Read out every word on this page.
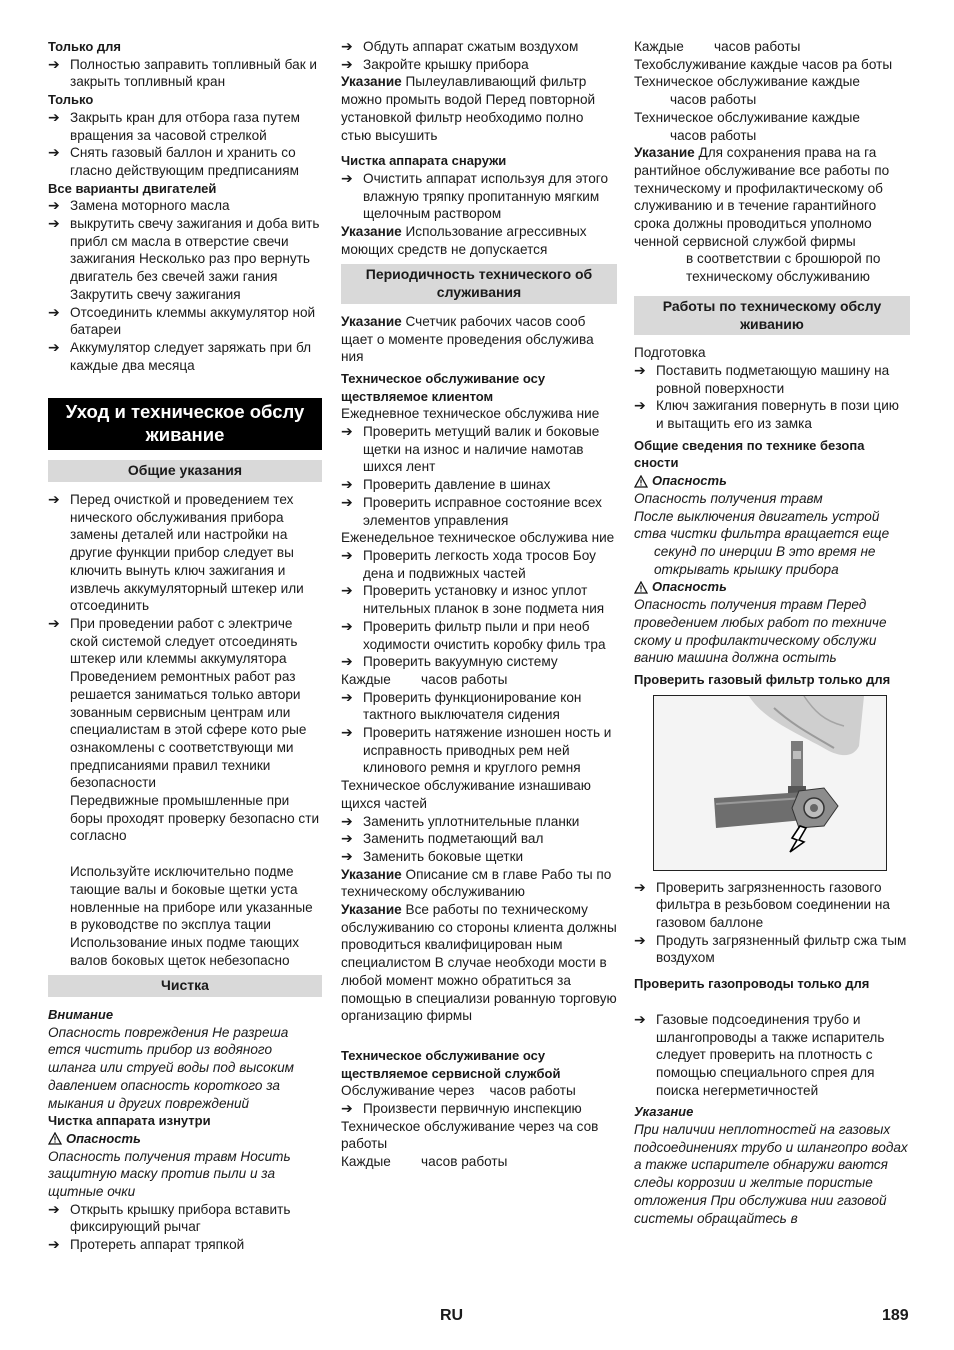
Только для

➔ Полностью заправить топливный бак и закрыть топливный кран

Только

➔ Закрыть кран для отбора газа путем вращения за часовой стрелкой
➔ Снять газовый баллон и хранить со гласно действующим предписаниям

Все варианты двигателей

➔ Замена моторного масла
➔ выкрутить свечу зажигания и доба вить прибл см масла в отверстие свечи зажигания Несколько раз про вернуть двигатель без свечей зажи гания Закрутить свечу зажигания
➔ Отсоединить клеммы аккумулятор ной батареи
➔ Аккумулятор следует заряжать при бл каждые два месяца
Уход и техническое обслу живание
Общие указания
➔ Перед очисткой и проведением тех нического обслуживания прибора замены деталей или настройки на другие функции прибор следует вы ключить вынуть ключ зажигания и извлечь аккумуляторный штекер или отсоединить
➔ При проведении работ с электриче ской системой следует отсоединять штекер или клеммы аккумулятора

Проведением ремонтных работ раз решается заниматься только автори зованным сервисным центрам или специалистам в этой сфере кото рые ознакомлены с соответствующи ми предписаниями правил техники безопасности

Передвижные промышленные при боры проходят проверку безопасно сти согласно

Используйте исключительно подме тающие валы и боковые щетки уста новленные на приборе или указанные в руководстве по эксплуа тации Использование иных подме тающих валов боковых щеток небезопасно

Чистка

Внимание

Опасность повреждения Не разреша ется чистить прибор из водяного шланга или струей воды под высоким давлением опасность короткого за мыкания и других повреждений

Чистка аппарата изнутри

Опасность

Опасность получения травм Носить защитную маску против пыли и за щитные очки

➔ Открыть крышку прибора вставить фиксирующий рычаг
➔ Протереть аппарат тряпкой
➔ Обдуть аппарат сжатым воздухом
➔ Закройте крышку прибора

Указание Пылеулавливающий фильтр можно промыть водой Перед повторной установкой фильтр необходимо полно стью высушить

Чистка аппарата снаружи

➔ Очистить аппарат используя для этого влажную тряпку пропитанную мягким щелочным раствором

Указание Использование агрессивных моющих средств не допускается

Периодичность технического об служивания

Указание Счетчик рабочих часов сооб щает о моменте проведения обслужива ния

Техническое обслуживание осу ществляемое клиентом

Ежедневное техническое обслужива ние

➔ Проверить метущий валик и боковые щетки на износ и наличие намотав шихся лент
➔ Проверить давление в шинах
➔ Проверить исправное состояние всех элементов управления

Еженедельное техническое обслужива ние

➔ Проверить легкость хода тросов Боу дена и подвижных частей
➔ Проверить установку и износ уплот нительных планок в зоне подмета ния
➔ Проверить фильтр пыли и при необ ходимости очистить коробку филь тра
➔ Проверить вакуумную систему

Каждые        часов работы

➔ Проверить функционирование кон тактного выключателя сидения
➔ Проверить натяжение изношен ность и исправность приводных рем ней клинового ремня и круглого ремня

Техническое обслуживание изнашиваю щихся частей

➔ Заменить уплотнительные планки
➔ Заменить подметающий вал
➔ Заменить боковые щетки

Указание Описание см в главе Рабо ты по техническому обслуживанию

Указание Все работы по техническому обслуживанию со стороны клиента должны проводиться квалифицирован ным специалистом В случае необходи мости в любой момент можно обратиться за помощью в специализи рованную торговую организацию фирмы

Техническое обслуживание осу ществляемое сервисной службой

Обслуживание через    часов работы

➔ Произвести первичную инспекцию

Техническое обслуживание через ча сов работы

Каждые        часов работы

Каждые        часов работы

Техобслуживание каждые часов ра боты

Техническое обслуживание каждые

часов работы

Техническое обслуживание каждые

часов работы

Указание Для сохранения права на га рантийное обслуживание все работы по техническому и профилактическому об служиванию и в течение гарантийного срока должны проводиться уполномо ченной сервисной службой фирмы

в соответствии с брошюрой по техническому обслуживанию

Работы по техническому обслу живанию

Подготовка

➔ Поставить подметающую машину на ровной поверхности
➔ Ключ зажигания повернуть в пози цию и вытащить его из замка

Общие сведения по технике безопа сности

Опасность

Опасность получения травм

После выключения двигатель устрой ства чистки фильтра вращается еще

секунд по инерции В это время не открывать крышку прибора

Опасность

Опасность получения травм Перед проведением любых работ по техниче скому и профилактическому обслужи ванию машина должна остыть

Проверить газовый фильтр только для

➔ Проверить загрязненность газового фильтра в резьбовом соединении на газовом баллоне
➔ Продуть загрязненный фильтр сжа тым воздухом

Проверить газопроводы только для

➔ Газовые подсоединения трубо и шлангопроводы а также испаритель следует проверить на плотность с помощью специального спрея для поиска негерметичностей

Указание

При наличии неплотностей на газовых подсоединениях трубо и шлангопро водах а также испарителе обнаружи ваются следы коррозии и желтые пористые отложения При обслужива нии газовой системы обращайтесь в

RU	189
